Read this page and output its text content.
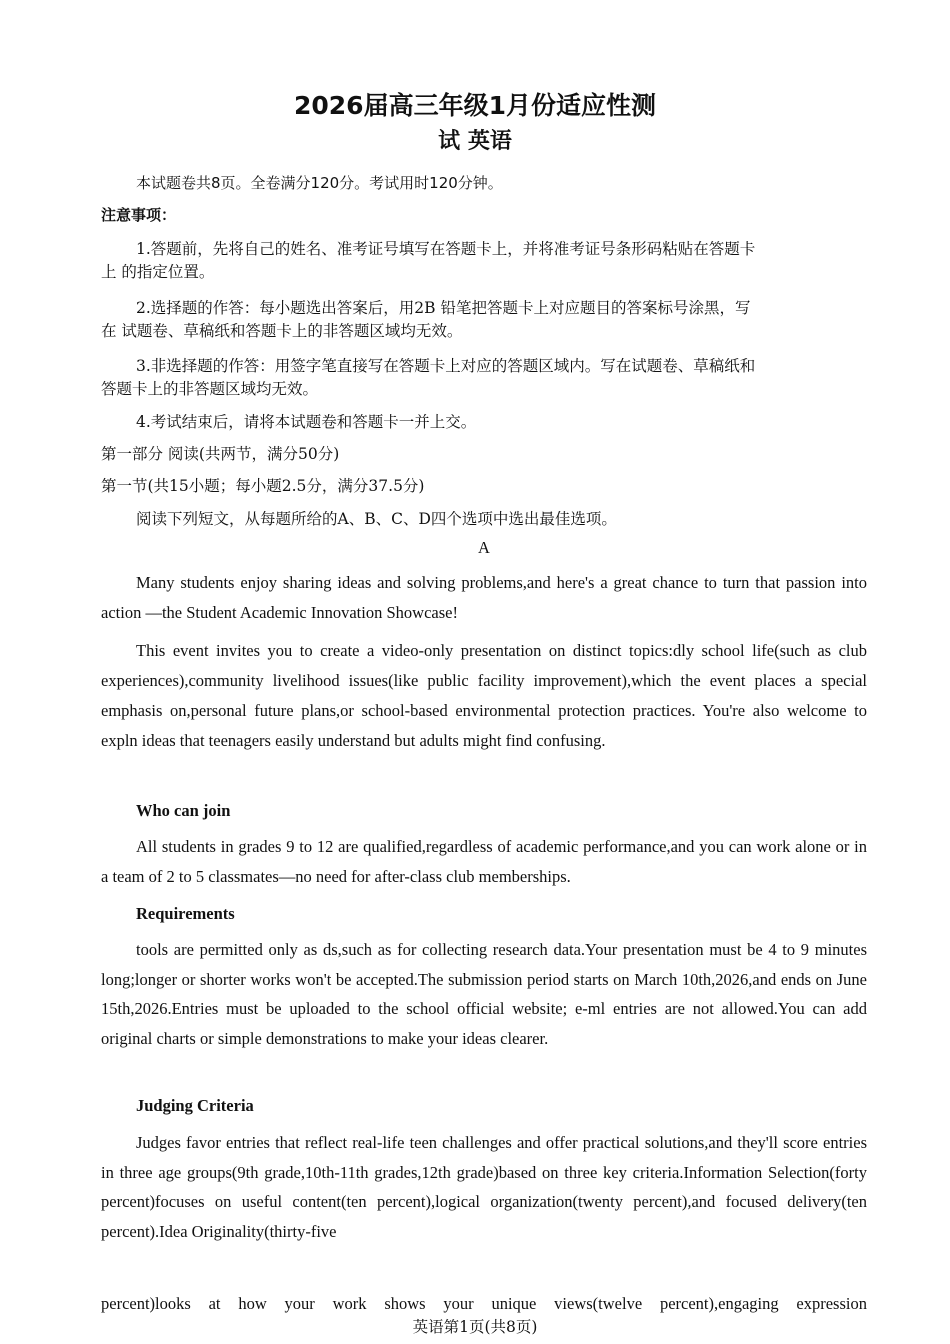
2026届高三年级1月份适应性测
试 英语
本试题卷共8页。全卷满分120分。考试用时120分钟。
注意事项：
1.答题前，先将自己的姓名、准考证号填写在答题卡上，并将准考证号条形码粘贴在答题卡
上 的指定位置。
2.选择题的作答：每小题选出答案后，用2B 铅笔把答题卡上对应题目的答案标号涂黑，写
在 试题卷、草稿纸和答题卡上的非答题区域均无效。
3.非选择题的作答：用签字笔直接写在答题卡上对应的答题区域内。写在试题卷、草稿纸和
答题卡上的非答题区域均无效。
4.考试结束后，请将本试题卷和答题卡一并上交。
第一部分 阅读(共两节，满分50分)
第一节(共15小题；每小题2.5分，满分37.5分)
阅读下列短文，从每题所给的A、B、C、D四个选项中选出最佳选项。
A
Many students enjoy sharing ideas and solving problems,and here's a great chance to turn that passion into action —the Student Academic Innovation Showcase!
This event invites you to create a video-only presentation on distinct topics:dly school life(such as club experiences),community livelihood issues(like public facility improvement),which the event places a special emphasis on,personal future plans,or school-based environmental protection practices. You're also welcome to expln ideas that teenagers easily understand but adults might find confusing.
Who can join
All students in grades 9 to 12 are qualified,regardless of academic performance,and you can work alone or in a team of 2 to 5 classmates—no need for after-class club memberships.
Requirements
tools are permitted only as ds,such as for collecting research data.Your presentation must be 4 to 9 minutes long;longer or shorter works won't be accepted.The submission period starts on March 10th,2026,and ends on June 15th,2026.Entries must be uploaded to the school official website; e-ml entries are not allowed.You can add original charts or simple demonstrations to make your ideas clearer.
Judging Criteria
Judges favor entries that reflect real-life teen challenges and offer practical solutions,and they'll score entries in three age groups(9th grade,10th-11th grades,12th grade)based on three key criteria.Information Selection(forty percent)focuses on useful content(ten percent),logical organization(twenty percent),and focused delivery(ten percent).Idea Originality(thirty-five
percent)looks at how your work shows your unique views(twelve percent),engaging expression
英语第1页(共8页)
